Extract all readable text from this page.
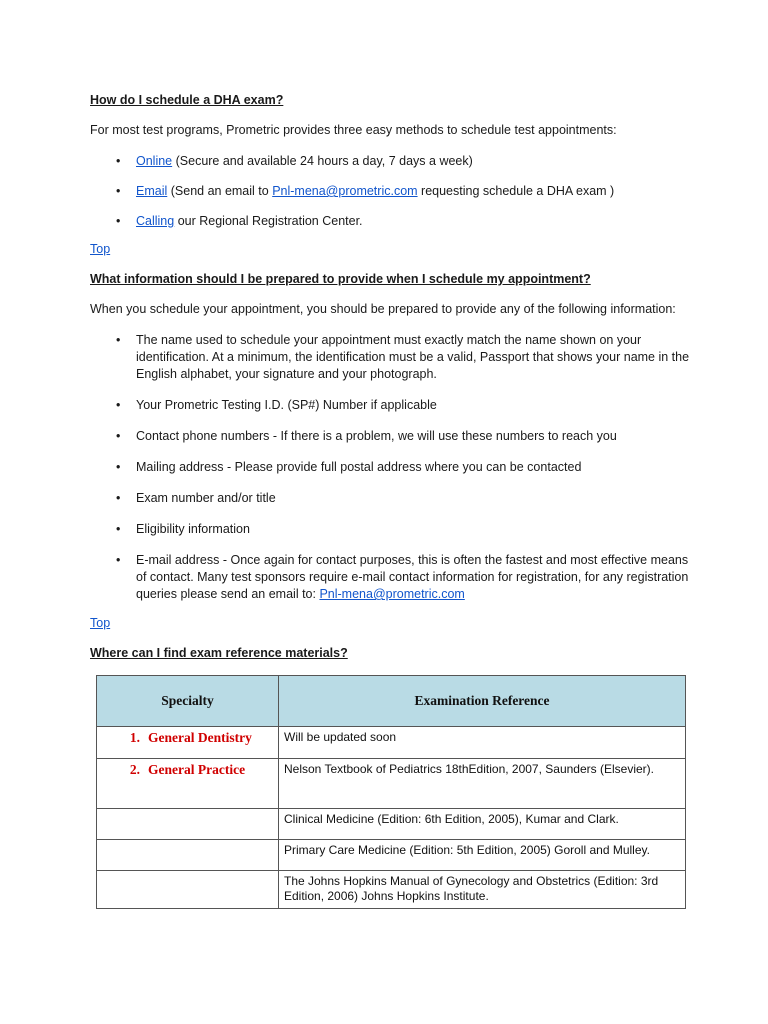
How do I schedule a DHA exam?
For most test programs, Prometric provides three easy methods to schedule test appointments:
• Online (Secure and available 24 hours a day, 7 days a week)
• Email (Send an email to Pnl-mena@prometric.com requesting schedule a DHA exam )
• Calling our Regional Registration Center.
Top
What information should I be prepared to provide when I schedule my appointment?
When you schedule your appointment, you should be prepared to provide any of the following information:
• The name used to schedule your appointment must exactly match the name shown on your identification. At a minimum, the identification must be a valid, Passport that shows your name in the English alphabet, your signature and your photograph.
• Your Prometric Testing I.D. (SP#) Number if applicable
• Contact phone numbers - If there is a problem, we will use these numbers to reach you
• Mailing address - Please provide full postal address where you can be contacted
• Exam number and/or title
• Eligibility information
• E-mail address - Once again for contact purposes, this is often the fastest and most effective means of contact. Many test sponsors require e-mail contact information for registration, for any registration queries please send an email to: Pnl-mena@prometric.com
Top
Where can I find exam reference materials?
Specialty	Examination Reference
1. General Dentistry	Will be updated soon
2. General Practice	Nelson Textbook of Pediatrics 18thEdition, 2007, Saunders (Elsevier).
	Clinical Medicine (Edition: 6th Edition, 2005), Kumar and Clark.
	Primary Care Medicine (Edition: 5th Edition, 2005) Goroll and Mulley.
	The Johns Hopkins Manual of Gynecology and Obstetrics (Edition: 3rd Edition, 2006) Johns Hopkins Institute.
